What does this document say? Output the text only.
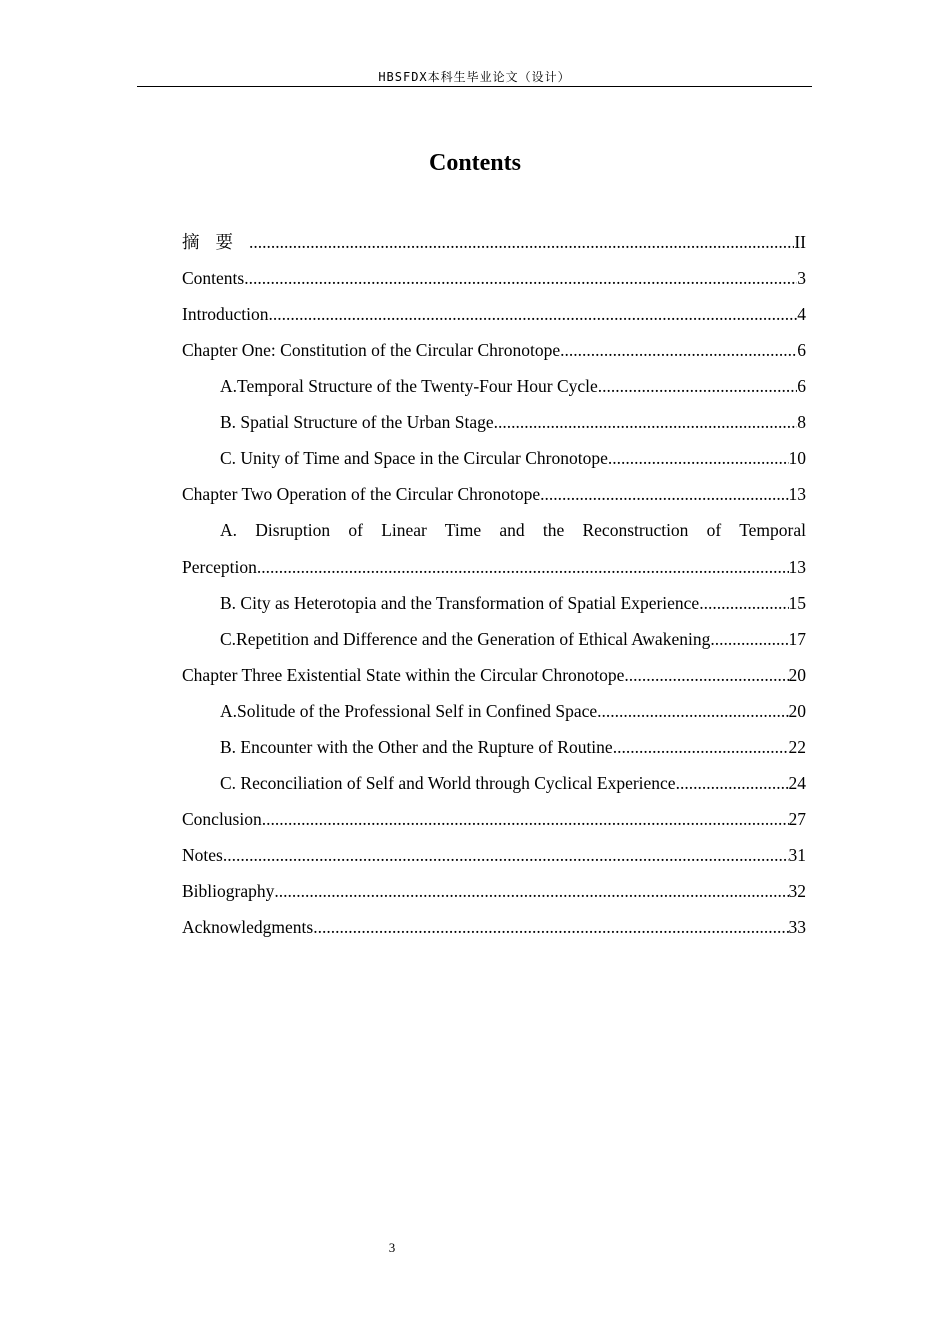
HBSFDX本科生毕业论文（设计）
Contents
摘要 .....	II
Contents .....	3
Introduction .....	4
Chapter One: Constitution of the Circular Chronotope .....	6
A.Temporal Structure of the Twenty-Four Hour Cycle .....	6
B. Spatial Structure of the Urban Stage .....	8
C. Unity of Time and Space in the Circular Chronotope .....	10
Chapter Two Operation of the Circular Chronotope .....	13
A. Disruption of Linear Time and the Reconstruction of Temporal
Perception .....	13
B. City as Heterotopia and the Transformation of Spatial Experience. .....	15
C.Repetition and Difference and the Generation of Ethical Awakening .....	17
Chapter Three Existential State within the Circular Chronotope .....	20
A.Solitude of the Professional Self in Confined Space .....	20
B. Encounter with the Other and the Rupture of Routine .....	22
C. Reconciliation of Self and World through Cyclical Experience .....	24
Conclusion .....	27
Notes .....	31
Bibliography .....	32
Acknowledgments .....	33
3
